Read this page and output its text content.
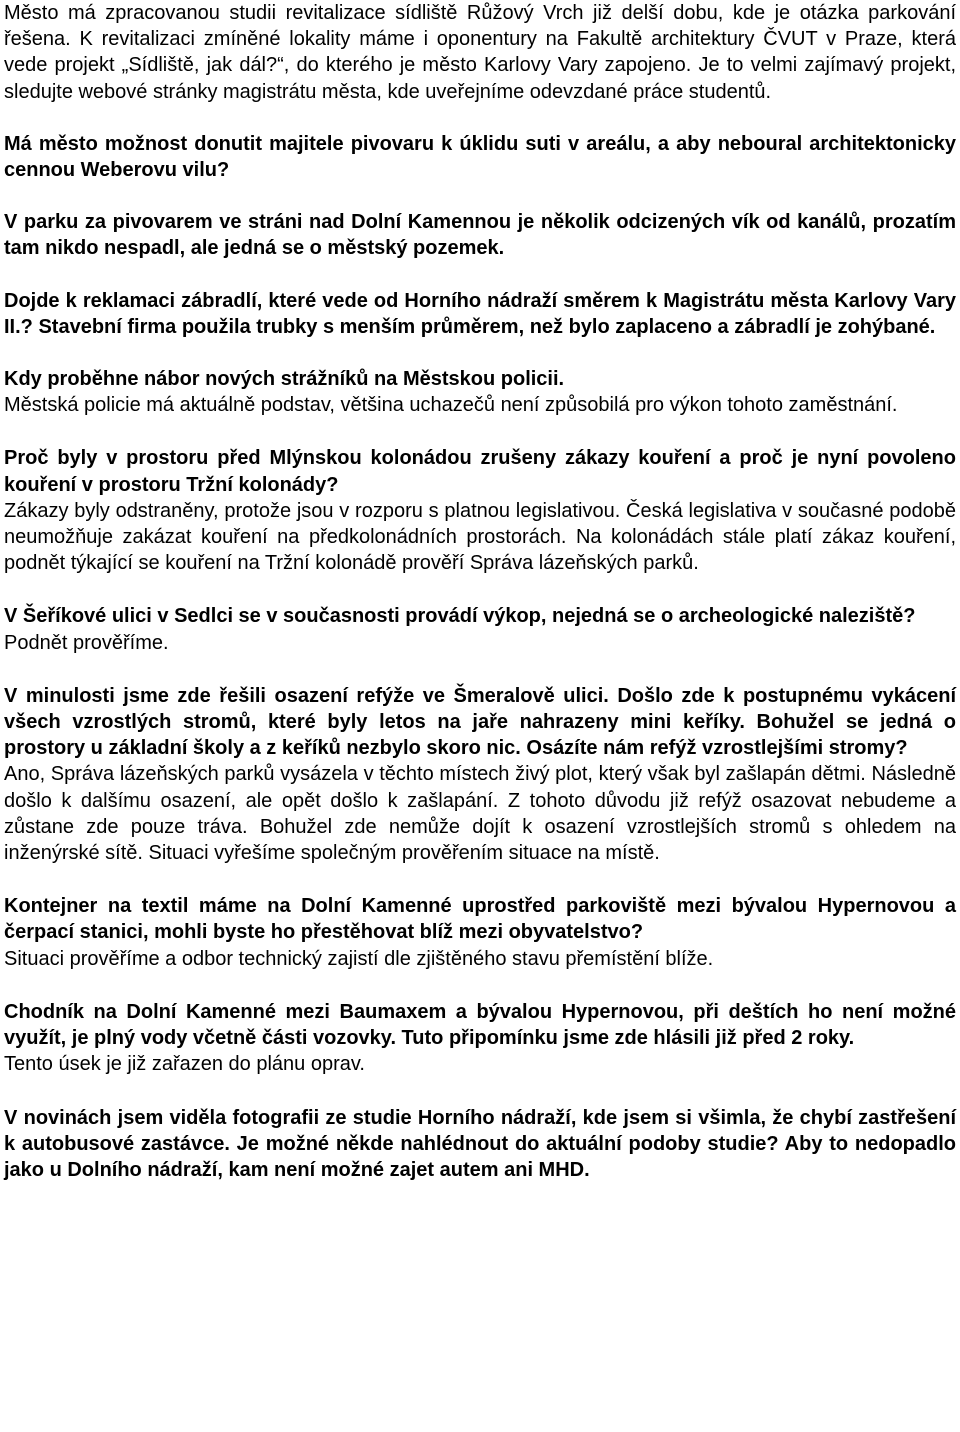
Město má zpracovanou studii revitalizace sídliště Růžový Vrch již delší dobu, kde je otázka parkování řešena. K revitalizaci zmíněné lokality máme i oponentury na Fakultě architektury ČVUT v Praze, která vede projekt „Sídliště, jak dál?“, do kterého je město Karlovy Vary zapojeno. Je to velmi zajímavý projekt, sledujte webové stránky magistrátu města, kde uveřejníme odevzdané práce studentů.

Má město možnost donutit majitele pivovaru k úklidu suti v areálu, a aby neboural architektonicky cennou Weberovu vilu?
V parku za pivovarem ve stráni nad Dolní Kamennou je několik odcizených vík od kanálů, prozatím tam nikdo nespadl, ale jedná se o městský pozemek.
Dojde k reklamaci zábradlí, které vede od Horního nádraží směrem k Magistrátu města Karlovy Vary II.? Stavební firma použila trubky s menším průměrem, než bylo zaplaceno a zábradlí je zohýbané.
Kdy proběhne nábor nových strážníků na Městskou policii.
Městská policie má aktuálně podstav, většina uchazečů není způsobilá pro výkon tohoto zaměstnání.
Proč byly v prostoru před Mlýnskou kolonádou zrušeny zákazy kouření a proč je nyní povoleno kouření v prostoru Tržní kolonády?
Zákazy byly odstraněny, protože jsou v rozporu s platnou legislativou. Česká legislativa v současné podobě neumožňuje zakázat kouření na předkolonádních prostorách. Na kolonádách stále platí zákaz kouření, podnět týkající se kouření na Tržní kolonádě prověří Správa lázeňských parků.
V Šeříkové ulici v Sedlci se v současnosti provádí výkop, nejedná se o archeologické naleziště?
Podnět prověříme.
V minulosti jsme zde řešili osazení refýže ve Šmeralově ulici. Došlo zde k postupnému vykácení všech vzrostlých stromů, které byly letos na jaře nahrazeny mini keříky. Bohužel se jedná o prostory u základní školy a z keříků nezbylo skoro nic. Osázíte nám refýž vzrostlejšími stromy?
Ano, Správa lázeňských parků vysázela v těchto místech živý plot, který však byl zašlapán dětmi. Následně došlo k dalšímu osazení, ale opět došlo k zašlapání. Z tohoto důvodu již refýž osazovat nebudeme a zůstane zde pouze tráva. Bohužel zde nemůže dojít k osazení vzrostlejších stromů s ohledem na inženýrské sítě. Situaci vyřešíme společným prověřením situace na místě.
Kontejner na textil máme na Dolní Kamenné uprostřed parkoviště mezi bývalou Hypernovou a čerpací stanici, mohli byste ho přestěhovat blíž mezi obyvatelstvo?
Situaci prověříme a odbor technický zajistí dle zjištěného stavu přemístění blíže.
Chodník na Dolní Kamenné mezi Baumaxem a bývalou Hypernovou, při deštích ho není možné využít, je plný vody včetně části vozovky. Tuto připomínku jsme zde hlásili již před 2 roky.
Tento úsek je již zařazen do plánu oprav.
V novinách jsem viděla fotografii ze studie Horního nádraží, kde jsem si všimla, že chybí zastřešení k autobusové zastávce. Je možné někde nahlédnout do aktuální podoby studie? Aby to nedopadlo jako u Dolního nádraží, kam není možné zajet autem ani MHD.
